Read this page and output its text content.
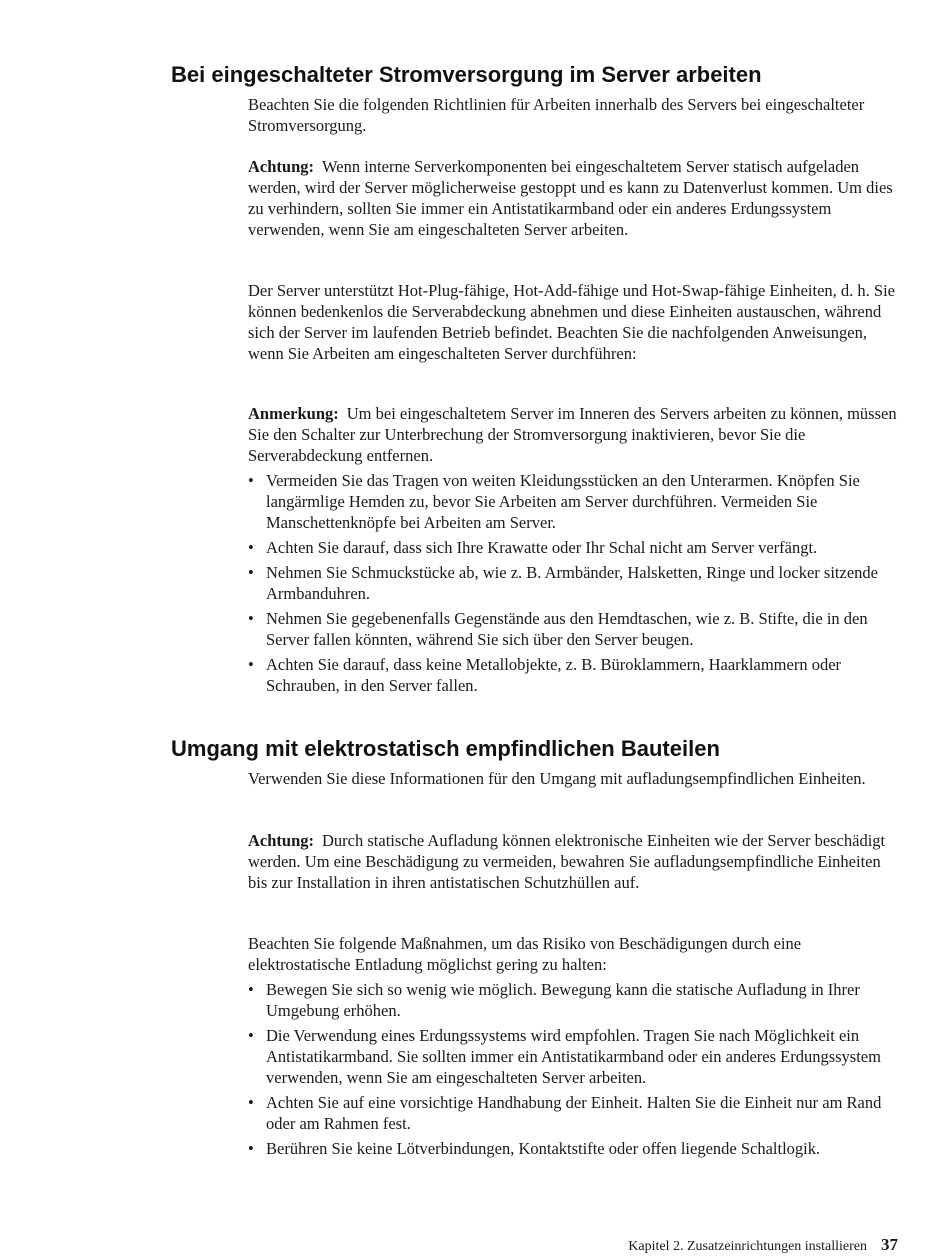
Bei eingeschalteter Stromversorgung im Server arbeiten

Beachten Sie die folgenden Richtlinien für Arbeiten innerhalb des Servers bei eingeschalteter Stromversorgung.

Achtung: Wenn interne Serverkomponenten bei eingeschaltetem Server statisch aufgeladen werden, wird der Server möglicherweise gestoppt und es kann zu Datenverlust kommen. Um dies zu verhindern, sollten Sie immer ein Antistatikarmband oder ein anderes Erdungssystem verwenden, wenn Sie am eingeschalteten Server arbeiten.

Der Server unterstützt Hot-Plug-fähige, Hot-Add-fähige und Hot-Swap-fähige Einheiten, d. h. Sie können bedenkenlos die Serverabdeckung abnehmen und diese Einheiten austauschen, während sich der Server im laufenden Betrieb befindet. Beachten Sie die nachfolgenden Anweisungen, wenn Sie Arbeiten am eingeschalteten Server durchführen:

Anmerkung: Um bei eingeschaltetem Server im Inneren des Servers arbeiten zu können, müssen Sie den Schalter zur Unterbrechung der Stromversorgung inaktivieren, bevor Sie die Serverabdeckung entfernen.

• Vermeiden Sie das Tragen von weiten Kleidungsstücken an den Unterarmen. Knöpfen Sie langärmlige Hemden zu, bevor Sie Arbeiten am Server durchführen. Vermeiden Sie Manschettenknöpfe bei Arbeiten am Server.
• Achten Sie darauf, dass sich Ihre Krawatte oder Ihr Schal nicht am Server verfängt.
• Nehmen Sie Schmuckstücke ab, wie z. B. Armbänder, Halsketten, Ringe und locker sitzende Armbanduhren.
• Nehmen Sie gegebenenfalls Gegenstände aus den Hemdtaschen, wie z. B. Stifte, die in den Server fallen könnten, während Sie sich über den Server beugen.
• Achten Sie darauf, dass keine Metallobjekte, z. B. Büroklammern, Haarklammern oder Schrauben, in den Server fallen.
Umgang mit elektrostatisch empfindlichen Bauteilen

Verwenden Sie diese Informationen für den Umgang mit aufladungsempfindlichen Einheiten.

Achtung: Durch statische Aufladung können elektronische Einheiten wie der Server beschädigt werden. Um eine Beschädigung zu vermeiden, bewahren Sie aufladungsempfindliche Einheiten bis zur Installation in ihren antistatischen Schutzhüllen auf.

Beachten Sie folgende Maßnahmen, um das Risiko von Beschädigungen durch eine elektrostatische Entladung möglichst gering zu halten:

• Bewegen Sie sich so wenig wie möglich. Bewegung kann die statische Aufladung in Ihrer Umgebung erhöhen.
• Die Verwendung eines Erdungssystems wird empfohlen. Tragen Sie nach Möglichkeit ein Antistatikarmband. Sie sollten immer ein Antistatikarmband oder ein anderes Erdungssystem verwenden, wenn Sie am eingeschalteten Server arbeiten.
• Achten Sie auf eine vorsichtige Handhabung der Einheit. Halten Sie die Einheit nur am Rand oder am Rahmen fest.
• Berühren Sie keine Lötverbindungen, Kontaktstifte oder offen liegende Schaltlogik.
Kapitel 2. Zusatzeinrichtungen installieren 37
